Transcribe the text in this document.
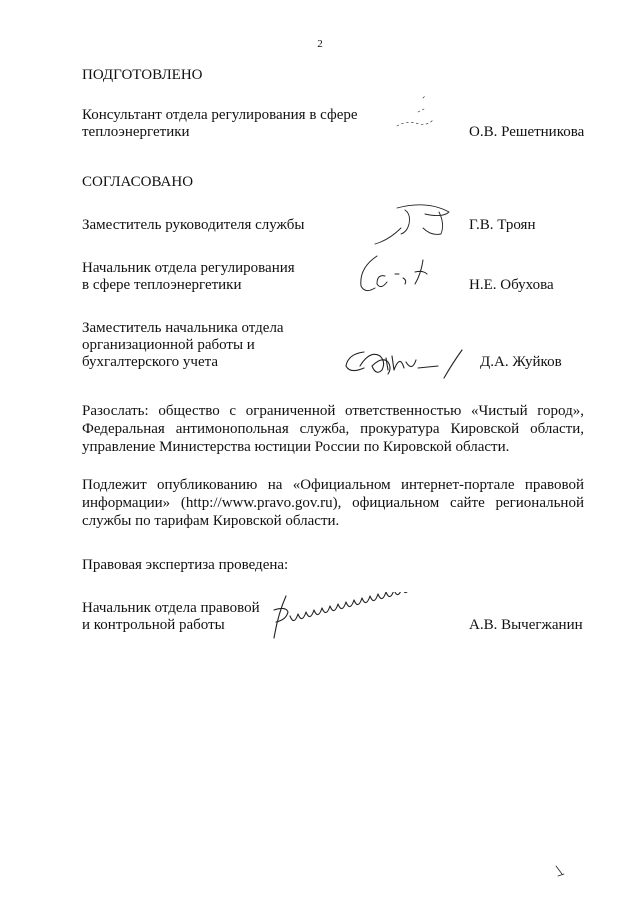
2
ПОДГОТОВЛЕНО
Консультант отдела регулирования в сфере
теплоэнергетики	О.В. Решетникова
СОГЛАСОВАНО
Заместитель руководителя службы	Г.В. Троян
Начальник отдела регулирования
в сфере теплоэнергетики	Н.Е. Обухова
Заместитель начальника отдела
организационной работы и
бухгалтерского учета	Д.А. Жуйков
Разослать: общество с ограниченной ответственностью «Чистый город», Федеральная антимонопольная служба, прокуратура Кировской области, управление Министерства юстиции России по Кировской области.
Подлежит опубликованию на «Официальном интернет-портале правовой информации» (http://www.pravo.gov.ru), официальном сайте региональной службы по тарифам Кировской области.
Правовая экспертиза проведена:
Начальник отдела правовой
и контрольной работы	А.В. Вычегжанин
